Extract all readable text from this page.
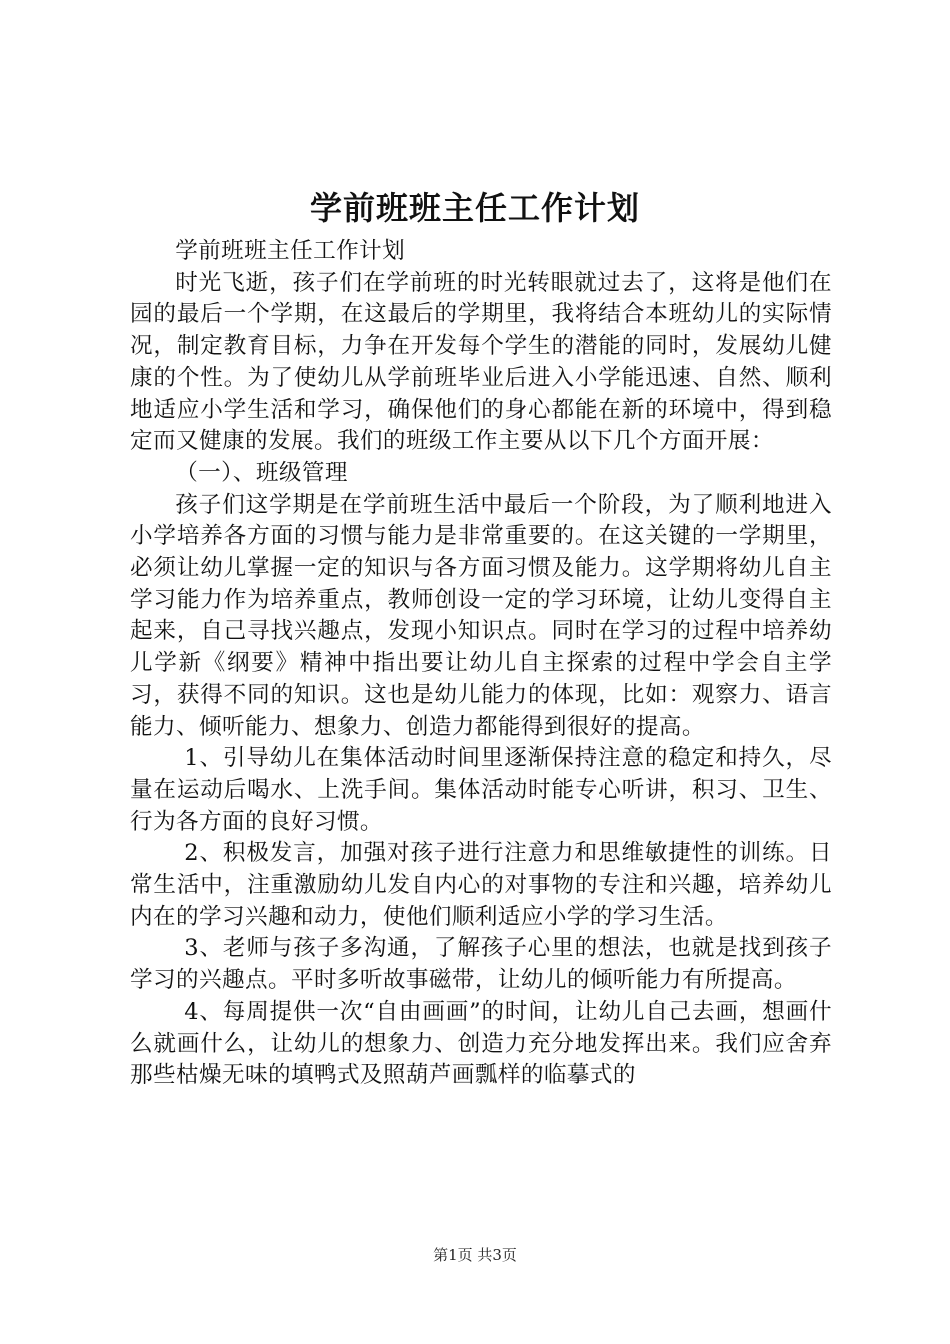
学前班班主任工作计划

学前班班主任工作计划

时光飞逝，孩子们在学前班的时光转眼就过去了，这将是他们在园的最后一个学期，在这最后的学期里，我将结合本班幼儿的实际情况，制定教育目标，力争在开发每个学生的潜能的同时，发展幼儿健康的个性。为了使幼儿从学前班毕业后进入小学能迅速、自然、顺利地适应小学生活和学习，确保他们的身心都能在新的环境中，得到稳定而又健康的发展。我们的班级工作主要从以下几个方面开展：

（一）、班级管理

孩子们这学期是在学前班生活中最后一个阶段，为了顺利地进入小学培养各方面的习惯与能力是非常重要的。在这关键的一学期里，必须让幼儿掌握一定的知识与各方面习惯及能力。这学期将幼儿自主学习能力作为培养重点，教师创设一定的学习环境，让幼儿变得自主起来，自己寻找兴趣点，发现小知识点。同时在学习的过程中培养幼儿学新《纲要》精神中指出要让幼儿自主探索的过程中学会自主学习，获得不同的知识。这也是幼儿能力的体现，比如：观察力、语言能力、倾听能力、想象力、创造力都能得到很好的提高。

1、引导幼儿在集体活动时间里逐渐保持注意的稳定和持久，尽量在运动后喝水、上洗手间。集体活动时能专心听讲，积习、卫生、行为各方面的良好习惯。

2、积极发言，加强对孩子进行注意力和思维敏捷性的训练。日常生活中，注重激励幼儿发自内心的对事物的专注和兴趣，培养幼儿内在的学习兴趣和动力，使他们顺利适应小学的学习生活。

3、老师与孩子多沟通，了解孩子心里的想法，也就是找到孩子学习的兴趣点。平时多听故事磁带，让幼儿的倾听能力有所提高。

4、每周提供一次“自由画画”的时间，让幼儿自己去画，想画什么就画什么，让幼儿的想象力、创造力充分地发挥出来。我们应舍弃那些枯燥无味的填鸭式及照葫芦画瓢样的临摹式的

第1页 共3页
